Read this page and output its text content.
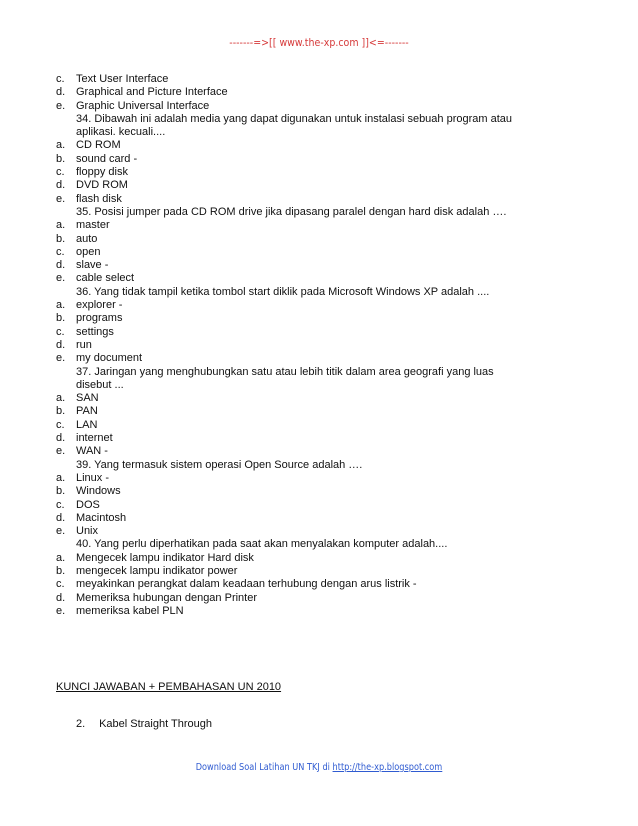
-------=>[[ www.the-xp.com ]]<=-------
c. Text User Interface
d. Graphical and Picture Interface
e. Graphic Universal Interface
34. Dibawah ini adalah media yang dapat digunakan untuk instalasi sebuah program atau
aplikasi. kecuali....
a. CD ROM
b. sound card -
c. floppy disk
d. DVD ROM
e. flash disk
35. Posisi jumper pada CD ROM drive jika dipasang paralel dengan hard disk adalah ….
a. master
b. auto
c. open
d. slave -
e. cable select
36. Yang tidak tampil ketika tombol start diklik pada Microsoft Windows XP adalah ....
a. explorer -
b. programs
c. settings
d. run
e. my document
37. Jaringan yang menghubungkan satu atau lebih titik dalam area geografi yang luas
disebut ...
a. SAN
b. PAN
c. LAN
d. internet
e. WAN -
39. Yang termasuk sistem operasi Open Source adalah ….
a. Linux -
b. Windows
c. DOS
d. Macintosh
e. Unix
40. Yang perlu diperhatikan pada saat akan menyalakan komputer adalah....
a. Mengecek lampu indikator Hard disk
b. mengecek lampu indikator power
c. meyakinkan perangkat dalam keadaan terhubung dengan arus listrik -
d. Memeriksa hubungan dengan Printer
e. memeriksa kabel PLN
KUNCI JAWABAN + PEMBAHASAN UN 2010
2. Kabel Straight Through
Download Soal Latihan UN TKJ di http://the-xp.blogspot.com
